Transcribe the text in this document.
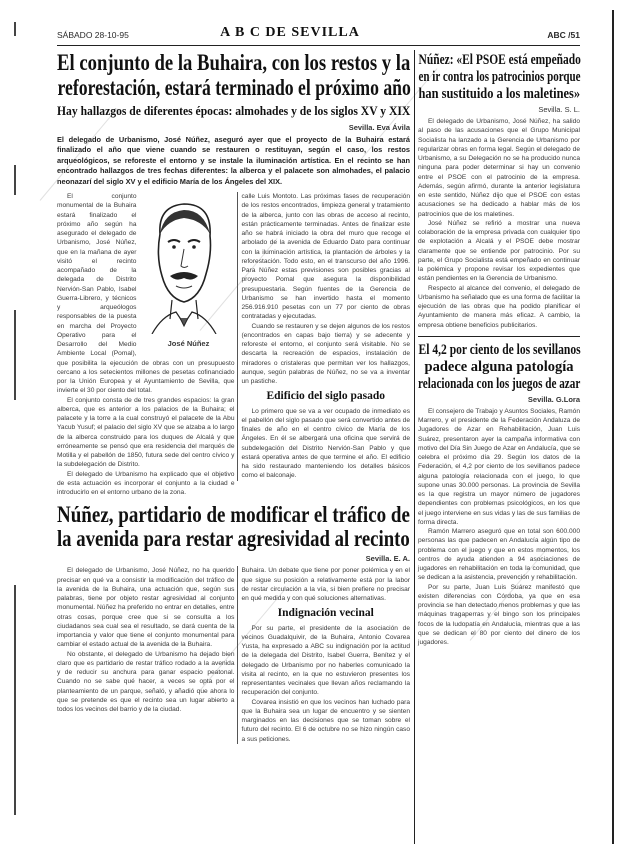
SÁBADO 28-10-95	A B C DE SEVILLA	ABC /51
El conjunto de la Buhaira, con los restos y la
reforestación, estará terminado el próximo año
Hay hallazgos de diferentes épocas: almohades y de los siglos XV y XIX
Sevilla. Eva Ávila
El delegado de Urbanismo, José Núñez, aseguró ayer que el proyecto de la Buhaira estará finalizado el año que viene cuando se restauren o restituyan, según el caso, los restos arqueológicos, se reforeste el entorno y se instale la iluminación artística. En el recinto se han encontrado hallazgos de tres fechas diferentes: la alberca y el palacete son almohades, el palacio neonazarí del siglo XV y el edificio María de los Ángeles del XIX.
José Núñez

El conjunto monumental de la Buhaira estará finalizado el próximo año según ha asegurado el delegado de Urbanismo, José Núñez, que en la mañana de ayer visitó el recinto acompañado de la delegada de Distrito Nervión-San Pablo, Isabel Guerra-Librero, y técnicos y arqueólogos responsables de la puesta en marcha del Proyecto Operativo para el Desarrollo del Medio Ambiente Local (Pomal), que posibilita la ejecución de obras con un presupuesto cercano a los setecientos millones de pesetas cofinanciado por la Unión Europea y el Ayuntamiento de Sevilla, que invierte el 30 por ciento del total.

El conjunto consta de de tres grandes espacios: la gran alberca, que es anterior a los palacios de la Buhaira; el palacete y la torre a la cual construyó el palacete de la Abu Yacub Yusuf; el palacio del siglo XV que se alzaba a lo largo de la alberca construido para los duques de Alcalá y que erróneamente se pensó que era residencia del marqués de Motilla y el pabellón de 1850, futura sede del centro cívico y la subdelegación de Distrito.

El delegado de Urbanismo ha explicado que el objetivo de esta actuación es incorporar el conjunto a la ciudad e introducirlo en el entorno urbano de la zona.

calle Luis Montoto. Las próximas fases de recuperación de los restos encontrados, limpieza general y tratamiento de la alberca, junto con las obras de acceso al recinto, están prácticamente terminadas. Antes de finalizar este año se habrá iniciado la obra del muro que recoge el arbolado de la avenida de Eduardo Dato para continuar con la iluminación artística, la plantación de árboles y la reforestación. Todo esto, en el transcurso del año 1996. Para Núñez estas previsiones son posibles gracias al proyecto Pomal que asegura la disponibilidad presupuestaria. Según fuentes de la Gerencia de Urbanismo se han invertido hasta el momento 256.916.910 pesetas con un 77 por ciento de obras contratadas y ejecutadas.

Cuando se restauren y se dejen algunos de los restos (encontrados en capas bajo tierra) y se adecente y reforeste el entorno, el conjunto será visitable. No se descarta la recreación de espacios, instalación de miradores o cristaleras que permitan ver los hallazgos, aunque, según palabras de Núñez, no se va a inventar un pastiche.

Edificio del siglo pasado

Lo primero que se va a ver ocupado de inmediato es el pabellón del siglo pasado que será convertido antes de finales de año en el centro cívico de María de los Ángeles. En él se albergará una oficina que servirá de subdelegación del Distrito Nervión-San Pablo y que estará operativa antes de que termine el año. El edificio ha sido restaurado manteniendo los detalles básicos como el balconaje.

Núñez, partidario de modificar el tráfico de
la avenida para restar agresividad al recinto
Sevilla. E. A.

El delegado de Urbanismo, José Núñez, no ha querido precisar en qué va a consistir la modificación del tráfico de la avenida de la Buhaira, una actuación que, según sus palabras, tiene por objeto restar agresividad al conjunto monumental. Núñez ha preferido no entrar en detalles, entre otras cosas, porque cree que si se consulta a los ciudadanos sea cual sea el resultado, se dará cuenta de la importancia y valor que tiene el conjunto monumental para cambiar el estado actual de la avenida de la Buhaira.

No obstante, el delegado de Urbanismo ha dejado bien claro que es partidario de restar tráfico rodado a la avenida y de reducir su anchura para ganar espacio peatonal. Cuando no se sabe qué hacer, a veces se opta por el planteamiento de un parque, señaló, y añadió que ahora lo que se pretende es que el recinto sea un lugar abierto a todos los vecinos del barrio y de la ciudad.

Buhaira. Un debate que tiene por poner polémica y en el que sigue su posición a relativamente está por la labor de restar circulación a la vía, si bien prefiere no precisar en qué medida y con qué soluciones alternativas.

Indignación vecinal

Por su parte, el presidente de la asociación de vecinos Guadalquivir, de la Buhaira, Antonio Covarea Yusta, ha expresado a ABC su indignación por la actitud de la delegada del Distrito, Isabel Guerra, Benítez y el delegado de Urbanismo por no haberles comunicado la visita al recinto, en la que no estuvieron presentes los representantes vecinales que llevan años reclamando la recuperación del conjunto.

Covarea insistió en que los vecinos han luchado para que la Buhaira sea un lugar de encuentro y se sienten marginados en las decisiones que se toman sobre el futuro del recinto. El 6 de octubre no se hizo ningún caso a sus peticiones.

Núñez: «El PSOE está empeñado
en ir contra los patrocinios porque
han sustituido a los maletines»
Sevilla. S. L.

El delegado de Urbanismo, José Núñez, ha salido al paso de las acusaciones que el Grupo Municipal Socialista ha lanzado a la Gerencia de Urbanismo por regularizar obras en forma legal. Según el delegado de Urbanismo, a su Delegación no se ha producido nunca ninguna para poder determinar si hay un convenio entre el PSOE con el patrocinio de la empresa. Además, según afirmó, durante la anterior legislatura en este sentido, Núñez dijo que el PSOE con estas acusaciones se ha dedicado a hablar más de los patrocinios que de los maletines.

José Núñez se refirió a mostrar una nueva colaboración de la empresa privada con cualquier tipo de explotación a Alcalá y el PSOE debe mostrar claramente que se entiende por patrocinio. Por su parte, el Grupo Socialista está empeñado en continuar la polémica y propone revisar los expedientes que están pendientes en la Gerencia de Urbanismo.

Respecto al alcance del convenio, el delegado de Urbanismo ha señalado que es una forma de facilitar la ejecución de las obras que ha podido planificar el Ayuntamiento de manera más eficaz. A cambio, la empresa obtiene beneficios publicitarios.

El 4,2 por ciento de los sevillanos
padece alguna patología
relacionada con los juegos de azar
Sevilla. G.Lora

El consejero de Trabajo y Asuntos Sociales, Ramón Marrero, y el presidente de la Federación Andaluza de Jugadores de Azar en Rehabilitación, Juan Luis Suárez, presentaron ayer la campaña informativa con motivo del Día Sin Juego de Azar en Andalucía, que se celebra el próximo día 29. Según los datos de la Federación, el 4,2 por ciento de los sevillanos padece alguna patología relacionada con el juego, lo que supone unas 30.000 personas. La provincia de Sevilla es la que registra un mayor número de jugadores dependientes con problemas psicológicos, en los que el juego interviene en sus vidas y las de sus familias de forma directa.

Ramón Marrero aseguró que en total son 600.000 personas las que padecen en Andalucía algún tipo de problema con el juego y que en estos momentos, los centros de ayuda atienden a 94 asociaciones de jugadores en rehabilitación en toda la comunidad, que se dedican a la asistencia, prevención y rehabilitación.

Por su parte, Juan Luis Suárez manifestó que existen diferencias con Córdoba, ya que en esa provincia se han detectado menos problemas y que las máquinas tragaperras y el bingo son los principales focos de la ludopatía en Andalucía, mientras que a las que se dedican el 80 por ciento del dinero de los jugadores.
